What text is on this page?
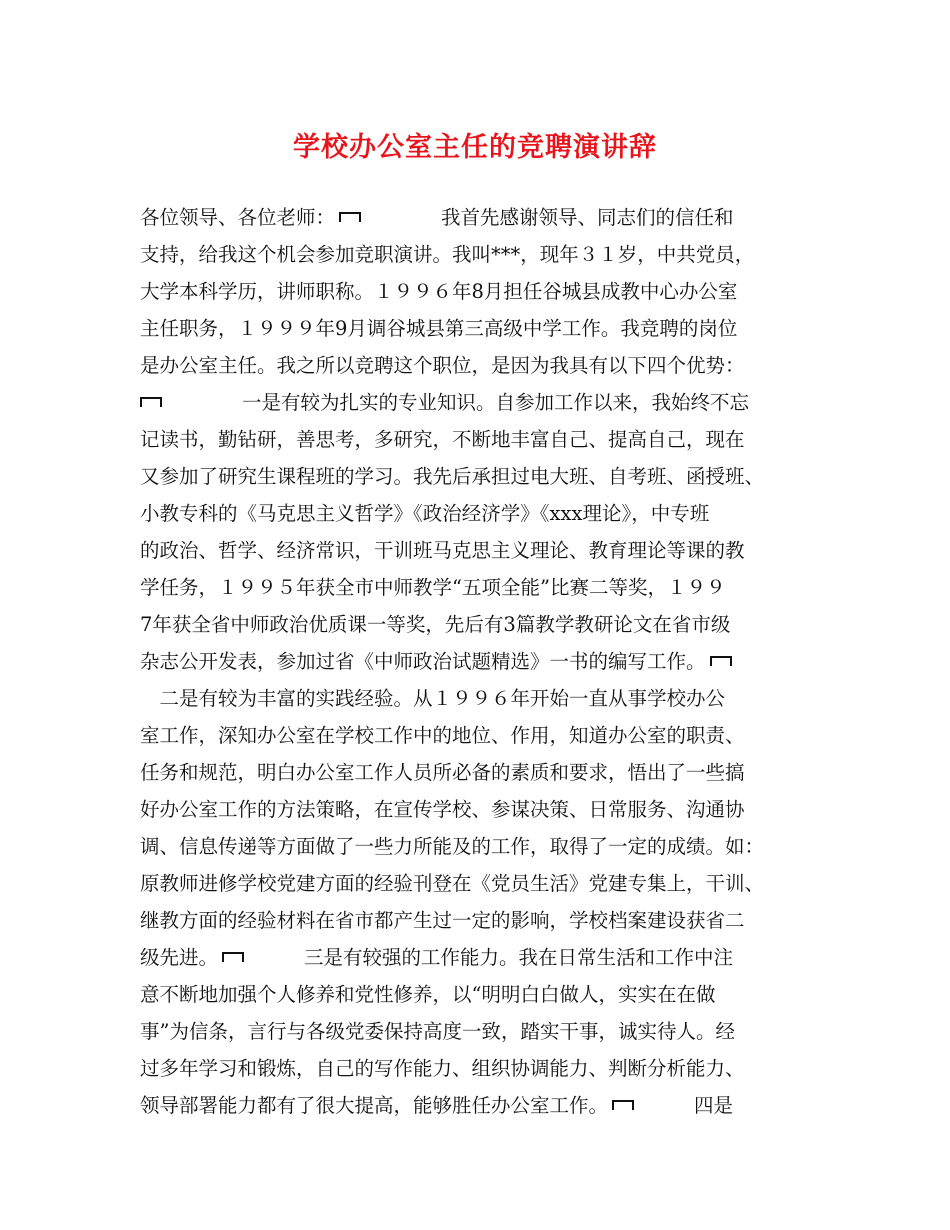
学校办公室主任的竞聘演讲辞
各位领导、各位老师：	我首先感谢领导、同志们的信任和
支持，给我这个机会参加竞职演讲。我叫***，现年３１岁，中共党员，
大学本科学历，讲师职称。１９９６年8月担任谷城县成教中心办公室
主任职务，１９９９年9月调谷城县第三高级中学工作。我竞聘的岗位
是办公室主任。我之所以竞聘这个职位，是因为我具有以下四个优势：
一是有较为扎实的专业知识。自参加工作以来，我始终不忘
记读书，勤钻研，善思考，多研究，不断地丰富自己、提高自己，现在
又参加了研究生课程班的学习。我先后承担过电大班、自考班、函授班、
小教专科的《马克思主义哲学》《政治经济学》《xxx理论》，中专班
的政治、哲学、经济常识，干训班马克思主义理论、教育理论等课的教
学任务，１９９５年获全市中师教学“五项全能”比赛二等奖，１９９
7年获全省中师政治优质课一等奖，先后有3篇教学教研论文在省市级
杂志公开发表，参加过省《中师政治试题精选》一书的编写工作。
　二是有较为丰富的实践经验。从１９９６年开始一直从事学校办公
室工作，深知办公室在学校工作中的地位、作用，知道办公室的职责、
任务和规范，明白办公室工作人员所必备的素质和要求，悟出了一些搞
好办公室工作的方法策略，在宣传学校、参谋决策、日常服务、沟通协
调、信息传递等方面做了一些力所能及的工作，取得了一定的成绩。如：
原教师进修学校党建方面的经验刊登在《党员生活》党建专集上，干训、
继教方面的经验材料在省市都产生过一定的影响，学校档案建设获省二
级先进。	三是有较强的工作能力。我在日常生活和工作中注
意不断地加强个人修养和党性修养，以“明明白白做人，实实在在做
事”为信条，言行与各级党委保持高度一致，踏实干事，诚实待人。经
过多年学习和锻炼，自己的写作能力、组织协调能力、判断分析能力、
领导部署能力都有了很大提高，能够胜任办公室工作。	四是
